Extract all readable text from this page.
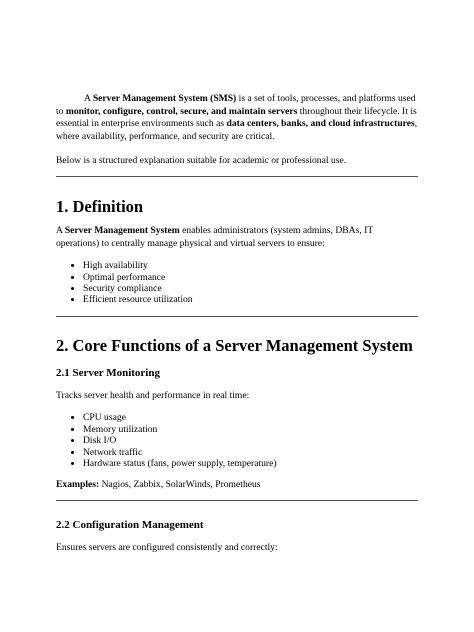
A Server Management System (SMS) is a set of tools, processes, and platforms used to monitor, configure, control, secure, and maintain servers throughout their lifecycle. It is essential in enterprise environments such as data centers, banks, and cloud infrastructures, where availability, performance, and security are critical.

Below is a structured explanation suitable for academic or professional use.

1. Definition

A Server Management System enables administrators (system admins, DBAs, IT operations) to centrally manage physical and virtual servers to ensure:

• High availability
• Optimal performance
• Security compliance
• Efficient resource utilization
2. Core Functions of a Server Management System
2.1 Server Monitoring

Tracks server health and performance in real time:

• CPU usage
• Memory utilization
• Disk I/O
• Network traffic
• Hardware status (fans, power supply, temperature)

Examples: Nagios, Zabbix, SolarWinds, Prometheus

2.2 Configuration Management

Ensures servers are configured consistently and correctly:
